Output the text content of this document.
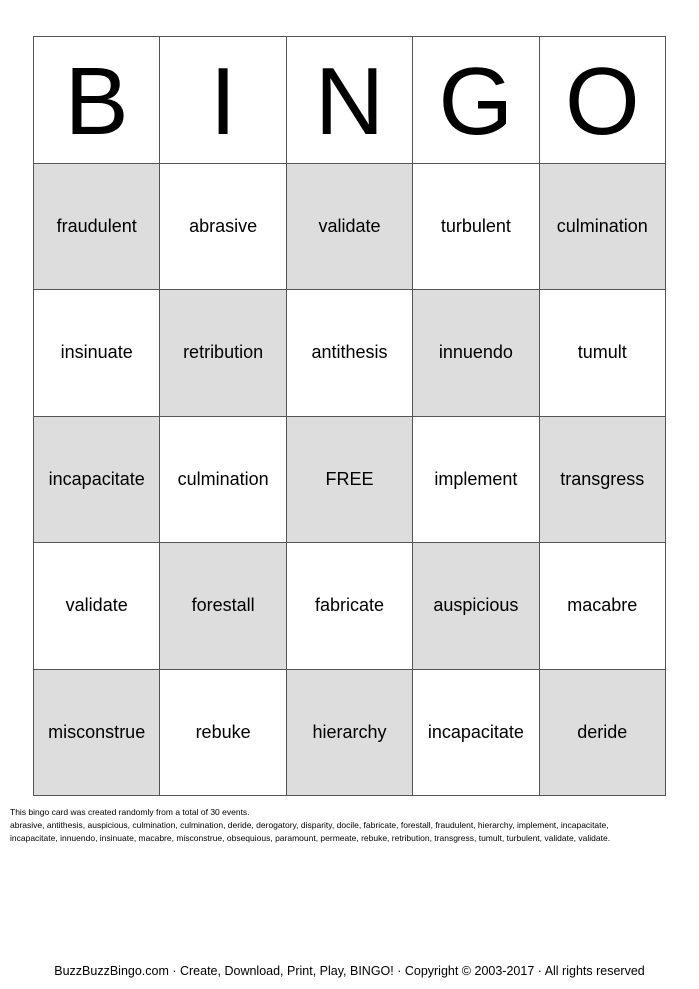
B I N G O
fraudulent	abrasive	validate	turbulent	culmination
insinuate	retribution	antithesis	innuendo	tumult
incapacitate	culmination	FREE	implement	transgress
validate	forestall	fabricate	auspicious	macabre
misconstrue	rebuke	hierarchy	incapacitate	deride
This bingo card was created randomly from a total of 30 events.
abrasive, antithesis, auspicious, culmination, culmination, deride, derogatory, disparity, docile, fabricate, forestall, fraudulent, hierarchy, implement, incapacitate,
incapacitate, innuendo, insinuate, macabre, misconstrue, obsequious, paramount, permeate, rebuke, retribution, transgress, tumult, turbulent, validate, validate.
BuzzBuzzBingo.com · Create, Download, Print, Play, BINGO! · Copyright © 2003-2017 · All rights reserved
